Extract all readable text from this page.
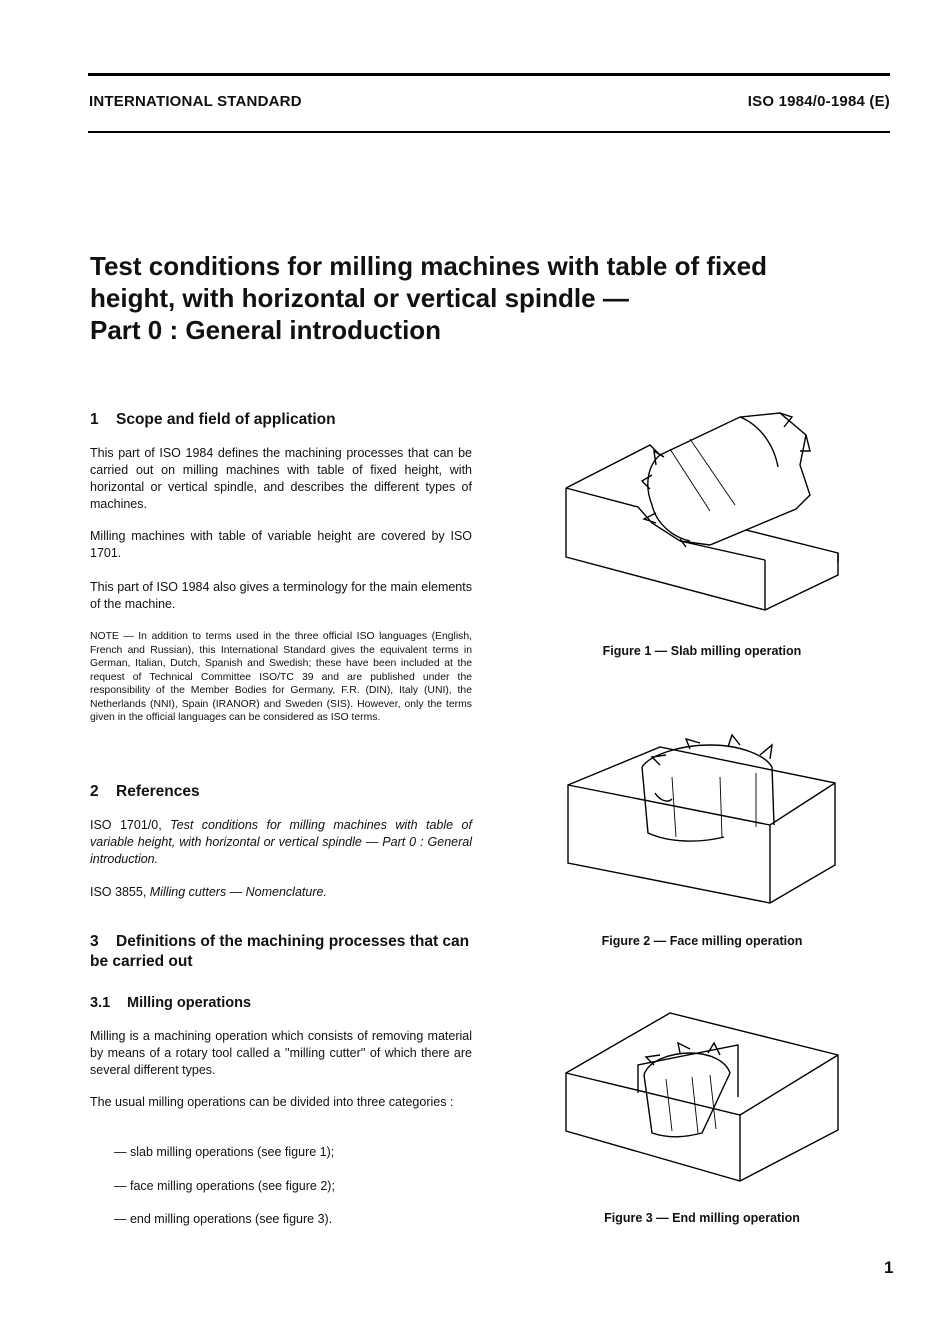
INTERNATIONAL STANDARD	ISO 1984/0-1984 (E)
Test conditions for milling machines with table of fixed
height, with horizontal or vertical spindle —
Part 0 : General introduction
1 Scope and field of application

This part of ISO 1984 defines the machining processes that can be carried out on milling machines with table of fixed height, with horizontal or vertical spindle, and describes the different types of machines.

Milling machines with table of variable height are covered by ISO 1701.

This part of ISO 1984 also gives a terminology for the main elements of the machine.

NOTE — In addition to terms used in the three official ISO languages (English, French and Russian), this International Standard gives the equivalent terms in German, Italian, Dutch, Spanish and Swedish; these have been included at the request of Technical Committee ISO/TC 39 and are published under the responsibility of the Member Bodies for Germany, F.R. (DIN), Italy (UNI), the Netherlands (NNI), Spain (IRANOR) and Sweden (SIS). However, only the terms given in the official languages can be considered as ISO terms.

2 References

ISO 1701/0, Test conditions for milling machines with table of variable height, with horizontal or vertical spindle — Part 0 : General introduction.

ISO 3855, Milling cutters — Nomenclature.

3 Definitions of the machining processes that can be carried out
3.1 Milling operations

Milling is a machining operation which consists of removing material by means of a rotary tool called a ''milling cutter'' of which there are several different types.

The usual milling operations can be divided into three categories :

— slab milling operations (see figure 1);
— face milling operations (see figure 2);
— end milling operations (see figure 3).
Figure 1 — Slab milling operation
Figure 2 — Face milling operation
Figure 3 — End milling operation
1
